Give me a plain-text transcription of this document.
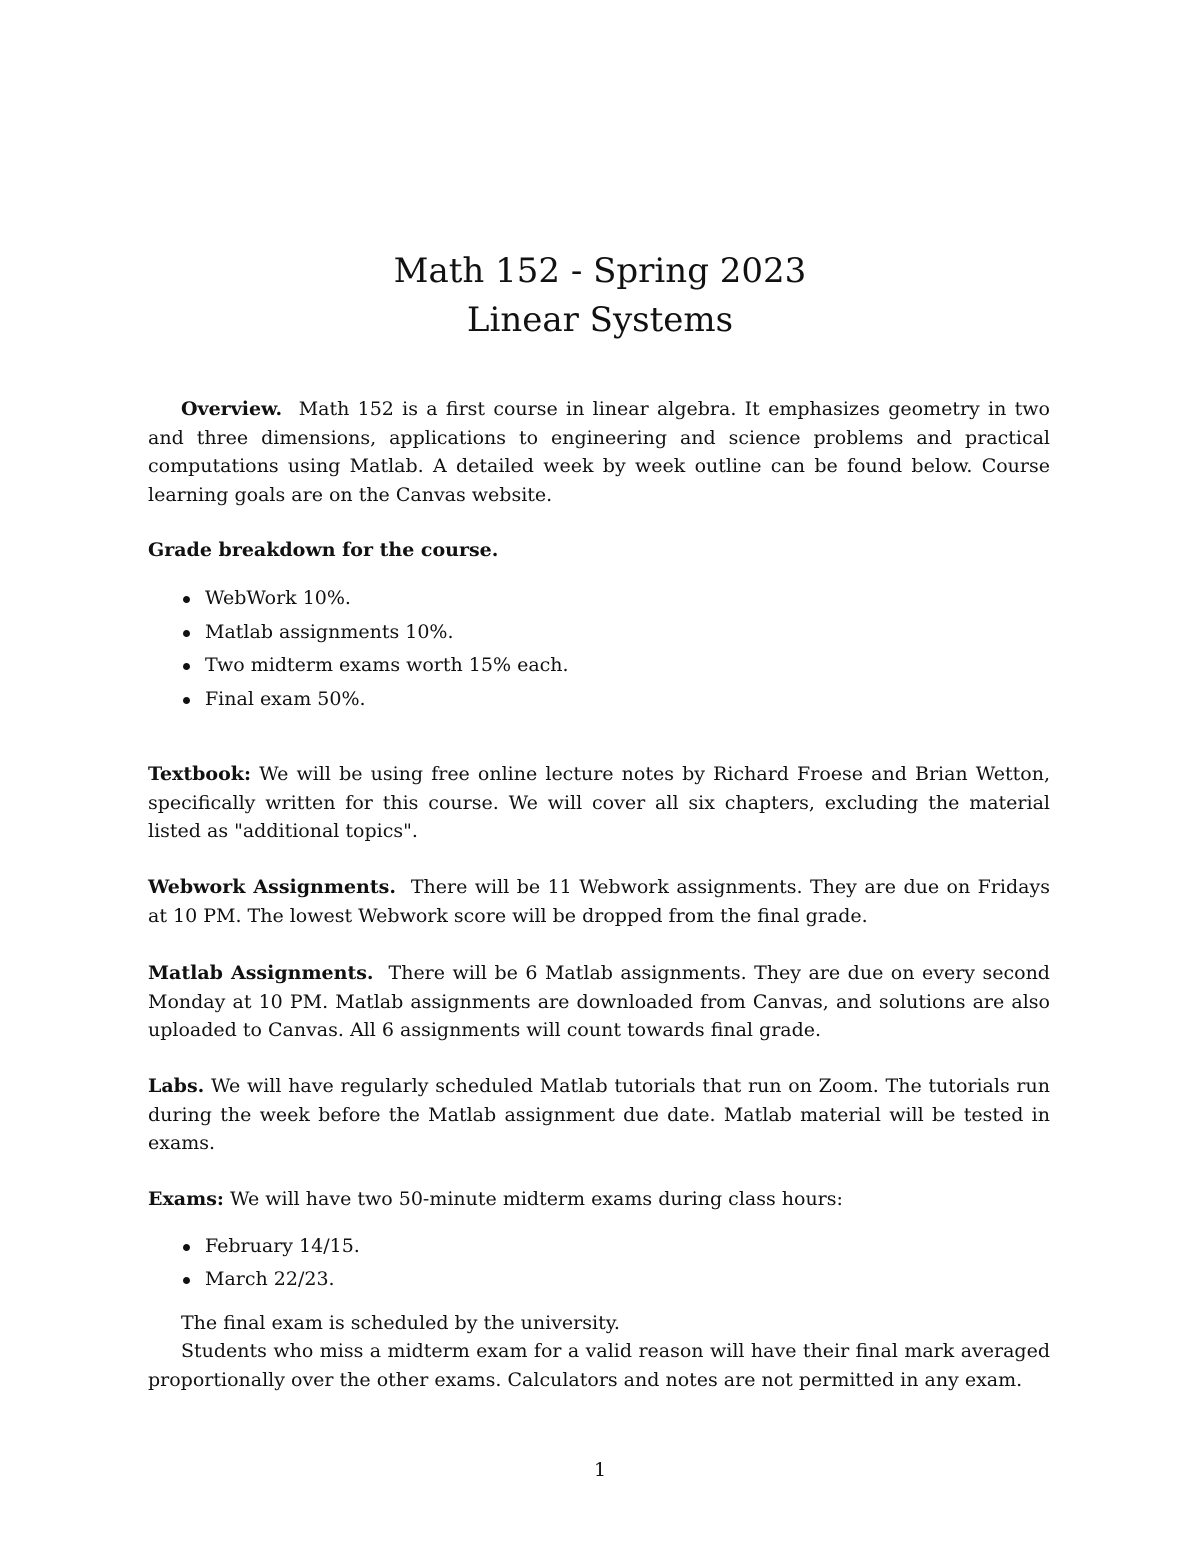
Math 152 - Spring 2023
Linear Systems

Overview. Math 152 is a first course in linear algebra. It emphasizes geometry in two and three dimensions, applications to engineering and science problems and practical computations using Matlab. A detailed week by week outline can be found below. Course learning goals are on the Canvas website.

Grade breakdown for the course.
WebWork 10%.
Matlab assignments 10%.
Two midterm exams worth 15% each.
Final exam 50%.

Textbook: We will be using free online lecture notes by Richard Froese and Brian Wetton, specifically written for this course. We will cover all six chapters, excluding the material listed as "additional topics".

Webwork Assignments. There will be 11 Webwork assignments. They are due on Fridays at 10 PM. The lowest Webwork score will be dropped from the final grade.

Matlab Assignments. There will be 6 Matlab assignments. They are due on every second Monday at 10 PM. Matlab assignments are downloaded from Canvas, and solutions are also uploaded to Canvas. All 6 assignments will count towards final grade.

Labs. We will have regularly scheduled Matlab tutorials that run on Zoom. The tutorials run during the week before the Matlab assignment due date. Matlab material will be tested in exams.

Exams: We will have two 50-minute midterm exams during class hours:

February 14/15.
March 22/23.

The final exam is scheduled by the university.

Students who miss a midterm exam for a valid reason will have their final mark averaged proportionally over the other exams. Calculators and notes are not permitted in any exam.

1
